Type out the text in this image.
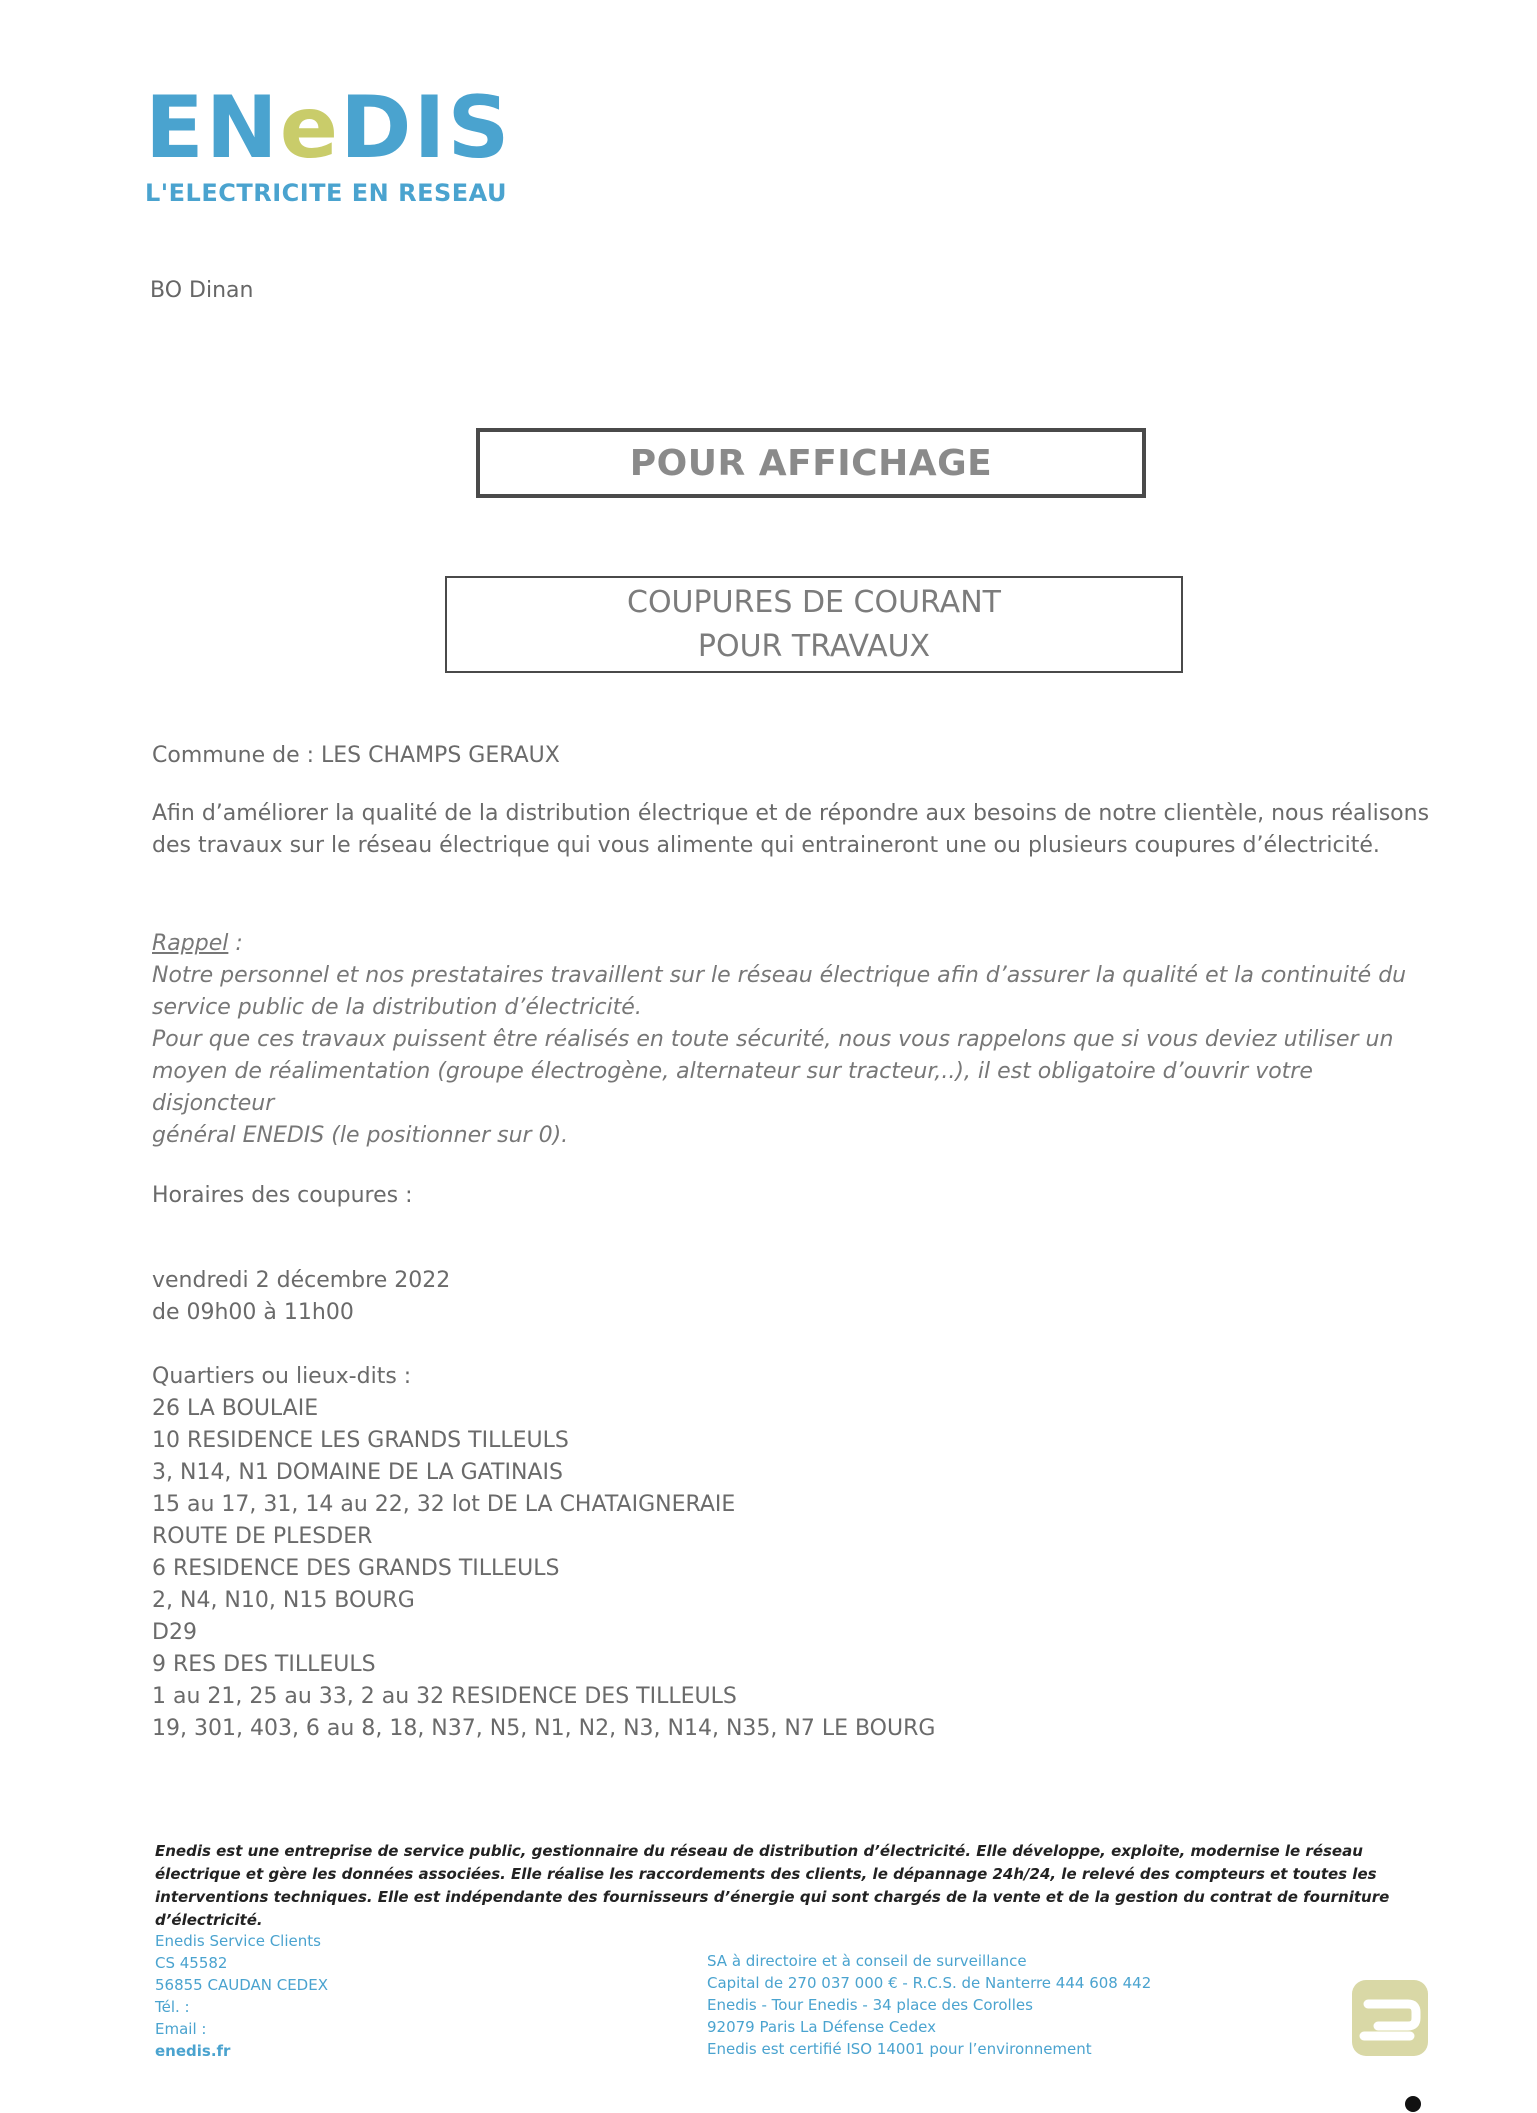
EN e DIS
L'ELECTRICITE EN RESEAU
BO Dinan
POUR AFFICHAGE
COUPURES DE COURANT
POUR TRAVAUX
Commune de : LES CHAMPS GERAUX
Afin d’améliorer la qualité de la distribution électrique et de répondre aux besoins de notre clientèle, nous réalisons des travaux sur le réseau électrique qui vous alimente qui entraineront une ou plusieurs coupures d’électricité.
Rappel :
Notre personnel et nos prestataires travaillent sur le réseau électrique afin d’assurer la qualité et la continuité du service public de la distribution d’électricité.
Pour que ces travaux puissent être réalisés en toute sécurité, nous vous rappelons que si vous deviez utiliser un moyen de réalimentation (groupe électrogène, alternateur sur tracteur,..), il est obligatoire d’ouvrir votre disjoncteur
général ENEDIS (le positionner sur 0).
Horaires des coupures :
vendredi 2 décembre 2022
de 09h00 à 11h00
Quartiers ou lieux-dits :
26 LA BOULAIE
10 RESIDENCE LES GRANDS TILLEULS
3, N14, N1 DOMAINE DE LA GATINAIS
15 au 17, 31, 14 au 22, 32 lot DE LA CHATAIGNERAIE
ROUTE DE PLESDER
6 RESIDENCE DES GRANDS TILLEULS
2, N4, N10, N15 BOURG
D29
9 RES DES TILLEULS
1 au 21, 25 au 33, 2 au 32 RESIDENCE DES TILLEULS
19, 301, 403, 6 au 8, 18, N37, N5, N1, N2, N3, N14, N35, N7 LE BOURG
Enedis est une entreprise de service public, gestionnaire du réseau de distribution d’électricité. Elle développe, exploite, modernise le réseau électrique et gère les données associées. Elle réalise les raccordements des clients, le dépannage 24h/24, le relevé des compteurs et toutes les interventions techniques. Elle est indépendante des fournisseurs d’énergie qui sont chargés de la vente et de la gestion du contrat de fourniture d’électricité.
Enedis Service Clients
CS 45582
56855 CAUDAN CEDEX
Tél. :
Email :
enedis.fr
SA à directoire et à conseil de surveillance
Capital de 270 037 000 € - R.C.S. de Nanterre 444 608 442
Enedis - Tour Enedis - 34 place des Corolles
92079 Paris La Défense Cedex
Enedis est certifié ISO 14001 pour l’environnement
